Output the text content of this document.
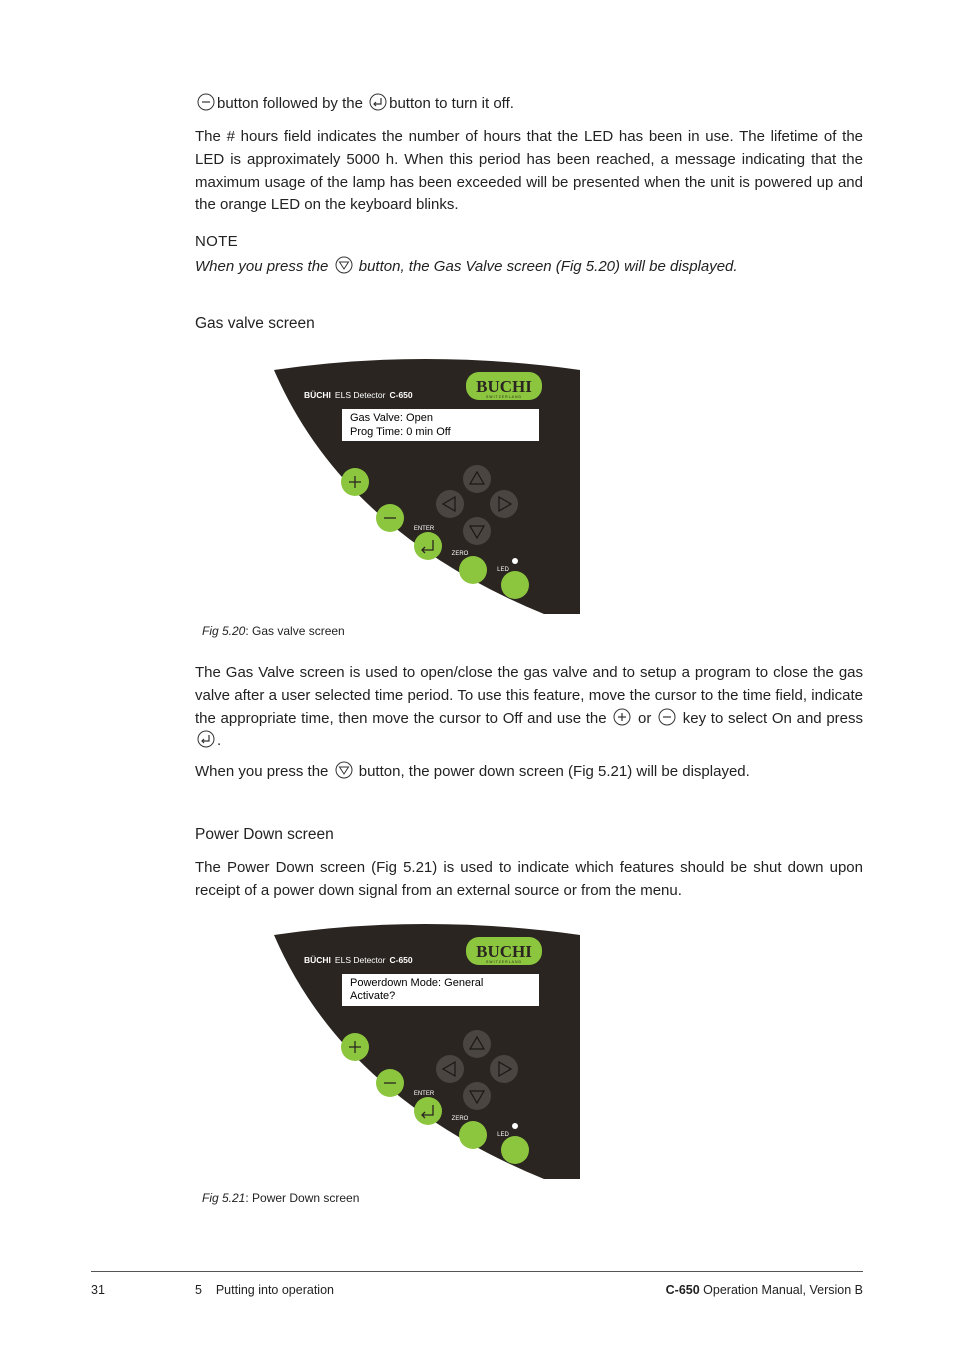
button followed by the button to turn it off.
The # hours field indicates the number of hours that the LED has been in use. The lifetime of the LED is approximately 5000 h. When this period has been reached, a message indicating that the maximum usage of the lamp has been exceeded will be presented when the unit is powered up and the orange LED on the keyboard blinks.
NOTE
When you press the button, the Gas Valve screen (Fig 5.20) will be displayed.
Gas valve screen
BÜCHI ELS Detector C-650	BUCHI
SWITZERLAND
Gas Valve: Open
Prog Time: 0 min Off
ENTER
ZERO
LED
Fig 5.20: Gas valve screen
The Gas Valve screen is used to open/close the gas valve and to setup a program to close the gas valve after a user selected time period. To use this feature, move the cursor to the time field, indicate the appropriate time, then move the cursor to Off and use the or key to select On and press
.
When you press the button, the power down screen (Fig 5.21) will be displayed.
Power Down screen
The Power Down screen (Fig 5.21) is used to indicate which features should be shut down upon receipt of a power down signal from an external source or from the menu.
BÜCHI ELS Detector C-650	BUCHI
SWITZERLAND
Powerdown Mode: General
Activate?
ENTER
ZERO
LED
Fig 5.21: Power Down screen
31	5    Putting into operation	C-650 Operation Manual, Version B
